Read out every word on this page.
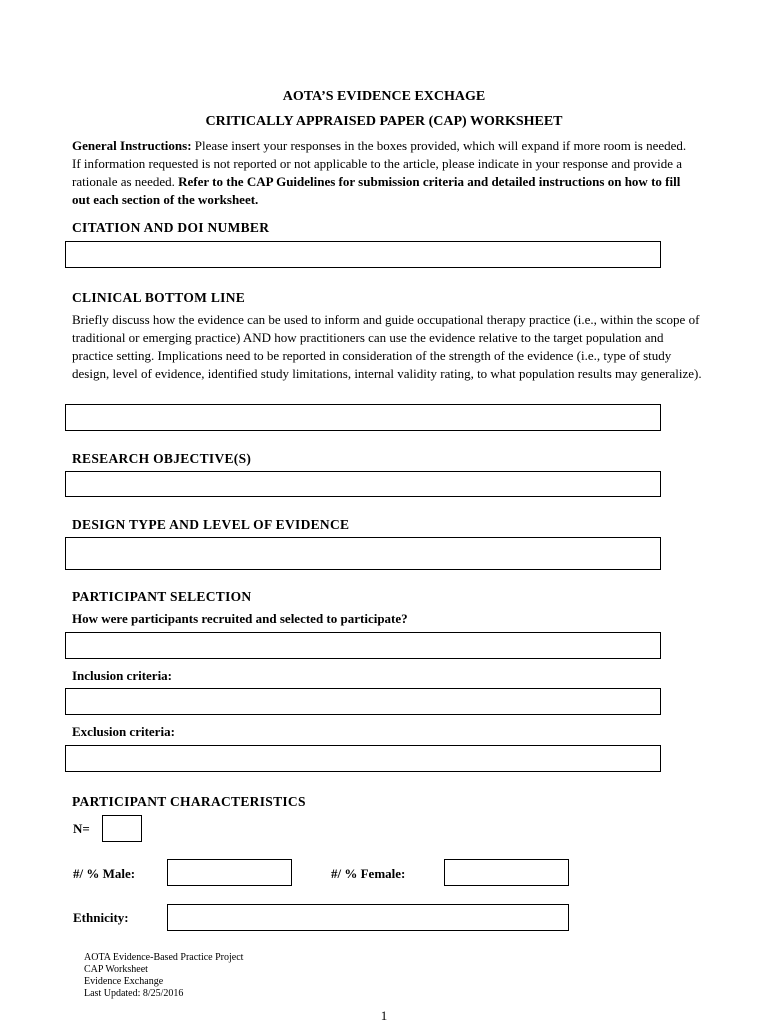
AOTA’S EVIDENCE EXCHAGE
CRITICALLY APPRAISED PAPER (CAP) WORKSHEET
General Instructions: Please insert your responses in the boxes provided, which will expand if more room is needed. If information requested is not reported or not applicable to the article, please indicate in your response and provide a rationale as needed. Refer to the CAP Guidelines for submission criteria and detailed instructions on how to fill out each section of the worksheet.
CITATION AND DOI NUMBER
CLINICAL BOTTOM LINE
Briefly discuss how the evidence can be used to inform and guide occupational therapy practice (i.e., within the scope of traditional or emerging practice) AND how practitioners can use the evidence relative to the target population and practice setting. Implications need to be reported in consideration of the strength of the evidence (i.e., type of study design, level of evidence, identified study limitations, internal validity rating, to what population results may generalize).
RESEARCH OBJECTIVE(S)
DESIGN TYPE AND LEVEL OF EVIDENCE
PARTICIPANT SELECTION
How were participants recruited and selected to participate?
Inclusion criteria:
Exclusion criteria:
PARTICIPANT CHARACTERISTICS
N=
#/ % Male:	#/ % Female:
Ethnicity:
AOTA Evidence-Based Practice Project
CAP Worksheet
Evidence Exchange
Last Updated: 8/25/2016
1
